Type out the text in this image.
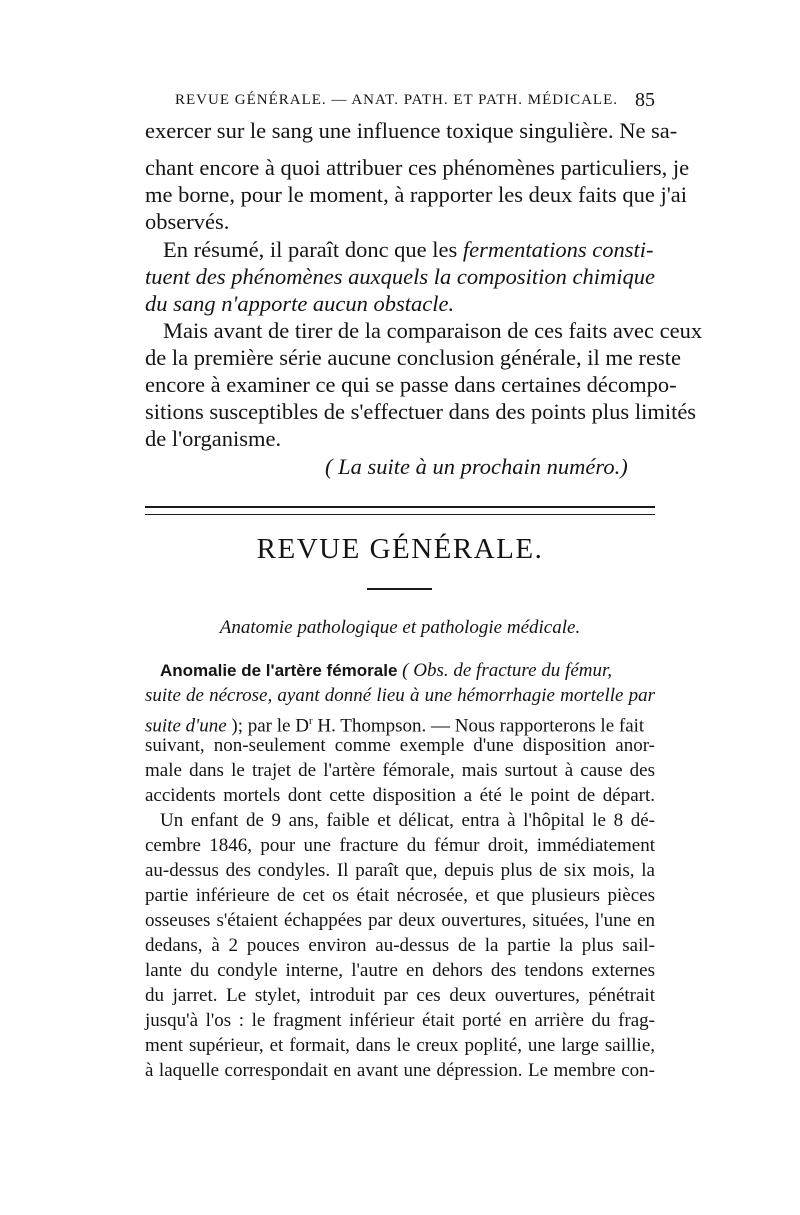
REVUE GÉNÉRALE. — ANAT. PATH. ET PATH. MÉDICALE. 85
exercer sur le sang une influence toxique singulière. Ne sa-
chant encore à quoi attribuer ces phénomènes particuliers, je
me borne, pour le moment, à rapporter les deux faits que j'ai
observés.
En résumé, il paraît donc que les fermentations consti-
tuent des phénomènes auxquels la composition chimique
du sang n'apporte aucun obstacle.
Mais avant de tirer de la comparaison de ces faits avec ceux
de la première série aucune conclusion générale, il me reste
encore à examiner ce qui se passe dans certaines décompo-
sitions susceptibles de s'effectuer dans des points plus limités
de l'organisme.
( La suite à un prochain numéro.)
REVUE GÉNÉRALE.
Anatomie pathologique et pathologie médicale.
Anomalie de l'artère fémorale ( Obs. de fracture du fémur,
suite de nécrose, ayant donné lieu à une hémorrhagie mortelle par
suite d'une ); par le $D^r$ H. Thompson. — Nous rapporterons le fait
suivant, non-seulement comme exemple d'une disposition anor-
male dans le trajet de l'artère fémorale, mais surtout à cause des
accidents mortels dont cette disposition a été le point de départ.
Un enfant de 9 ans, faible et délicat, entra à l'hôpital le 8 dé-
cembre 1846, pour une fracture du fémur droit, immédiatement
au-dessus des condyles. Il paraît que, depuis plus de six mois, la
partie inférieure de cet os était nécrosée, et que plusieurs pièces
osseuses s'étaient échappées par deux ouvertures, situées, l'une en
dedans, à 2 pouces environ au-dessus de la partie la plus sail-
lante du condyle interne, l'autre en dehors des tendons externes
du jarret. Le stylet, introduit par ces deux ouvertures, pénétrait
jusqu'à l'os : le fragment inférieur était porté en arrière du frag-
ment supérieur, et formait, dans le creux poplité, une large saillie,
à laquelle correspondait en avant une dépression. Le membre con-
